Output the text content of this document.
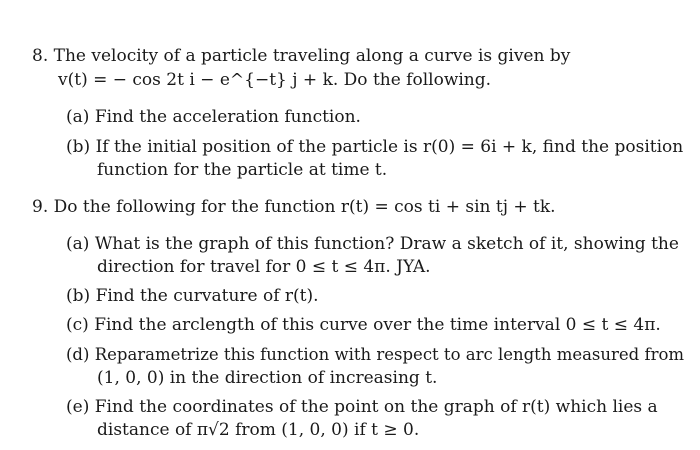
8. The velocity of a particle traveling along a curve is given by
v(t) = − cos 2t i − e^{−t} j + k. Do the following.
(a) Find the acceleration function.
(b) If the initial position of the particle is r(0) = 6i + k, find the position
function for the particle at time t.
9. Do the following for the function r(t) = cos ti + sin tj + tk.
(a) What is the graph of this function? Draw a sketch of it, showing the
direction for travel for 0 ≤ t ≤ 4π. JYA.
(b) Find the curvature of r(t).
(c) Find the arclength of this curve over the time interval 0 ≤ t ≤ 4π.
(d) Reparametrize this function with respect to arc length measured from
(1, 0, 0) in the direction of increasing t.
(e) Find the coordinates of the point on the graph of r(t) which lies a
distance of π√2 from (1, 0, 0) if t ≥ 0.
